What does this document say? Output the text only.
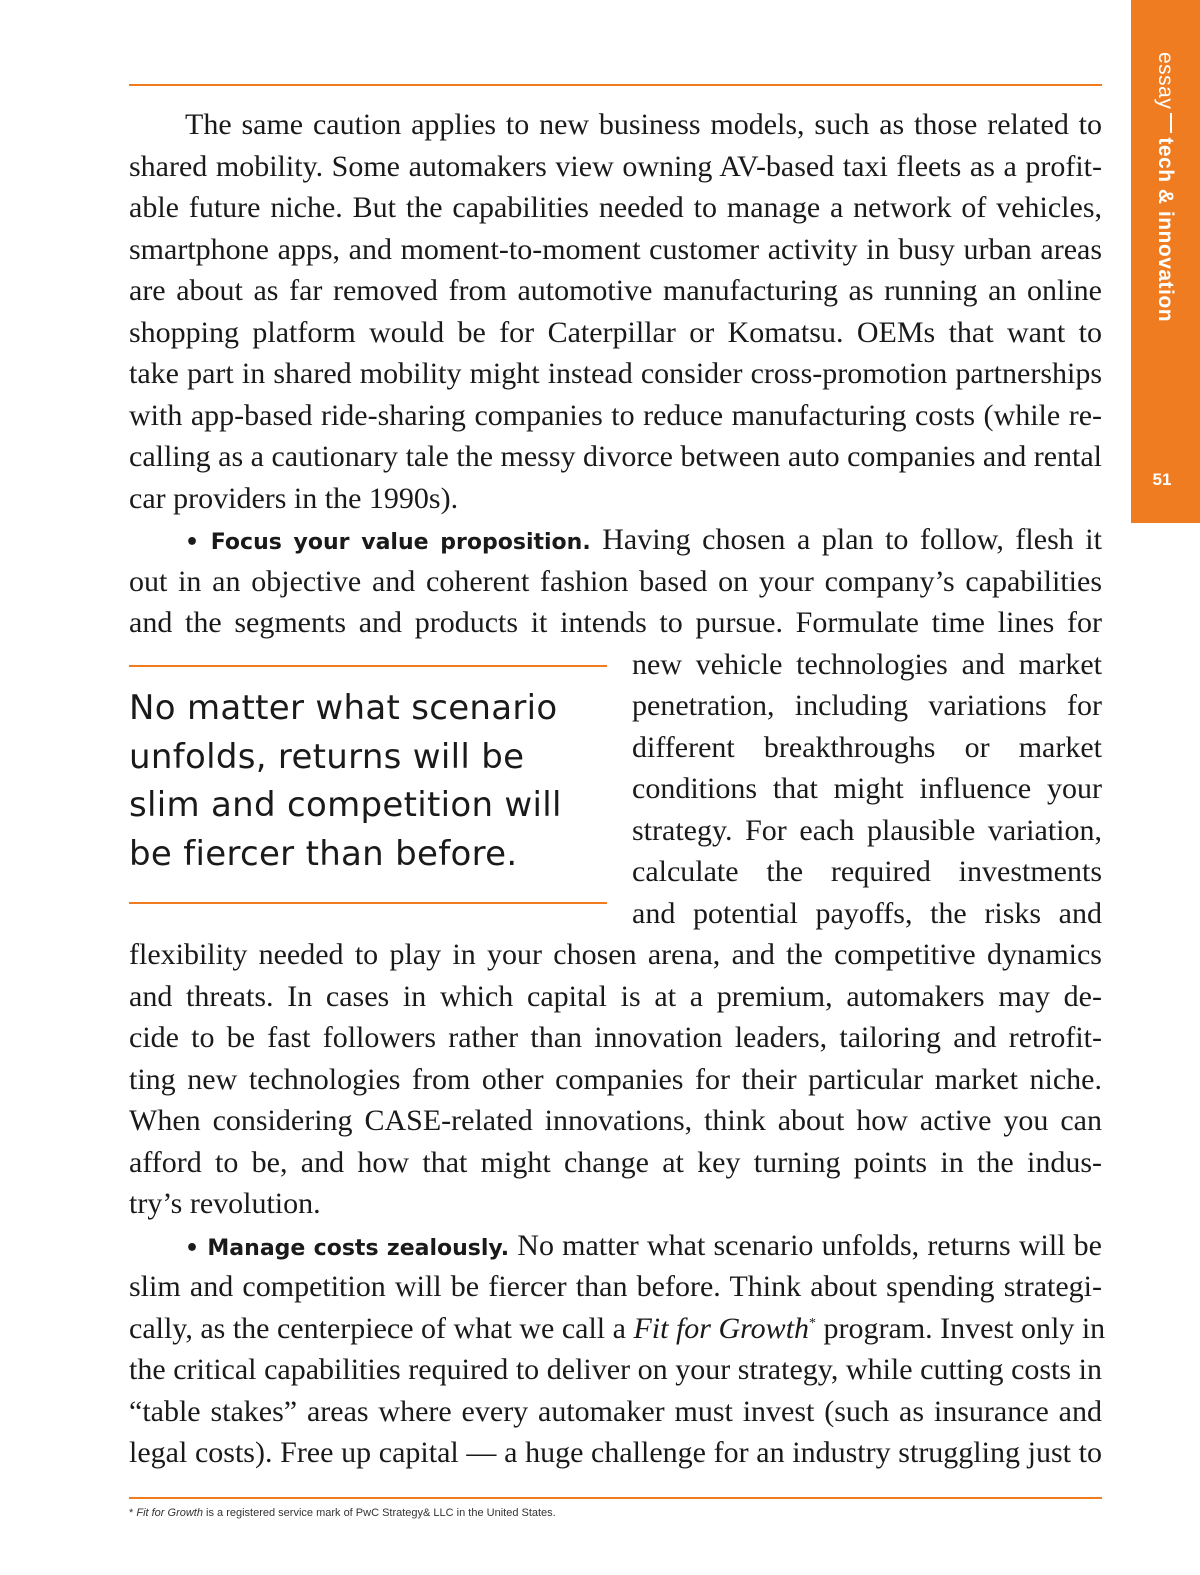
essaytech & innovation
51
The same caution applies to new business models, such as those related to
shared mobility. Some automakers view owning AV-based taxi fleets as a profit-
able future niche. But the capabilities needed to manage a network of vehicles,
smartphone apps, and moment-to-moment customer activity in busy urban areas
are about as far removed from automotive manufacturing as running an online
shopping platform would be for Caterpillar or Komatsu. OEMs that want to
take part in shared mobility might instead consider cross-promotion partnerships
with app-based ride-sharing companies to reduce manufacturing costs (while re-
calling as a cautionary tale the messy divorce between auto companies and rental
car providers in the 1990s).
• Focus your value proposition. Having chosen a plan to follow, flesh it
out in an objective and coherent fashion based on your company’s capabilities
and the segments and products it intends to pursue. Formulate time lines for
No matter what scenario
unfolds, returns will be
slim and competition will
be fiercer than before.
new vehicle technologies and market
penetration, including variations for
different breakthroughs or market
conditions that might influence your
strategy. For each plausible variation,
calculate the required investments
and potential payoffs, the risks and
flexibility needed to play in your chosen arena, and the competitive dynamics
and threats. In cases in which capital is at a premium, automakers may de-
cide to be fast followers rather than innovation leaders, tailoring and retrofit-
ting new technologies from other companies for their particular market niche.
When considering CASE-related innovations, think about how active you can
afford to be, and how that might change at key turning points in the indus-
try’s revolution.
• Manage costs zealously. No matter what scenario unfolds, returns will be
slim and competition will be fiercer than before. Think about spending strategi-
cally, as the centerpiece of what we call a Fit for Growth* program. Invest only in
the critical capabilities required to deliver on your strategy, while cutting costs in
“table stakes” areas where every automaker must invest (such as insurance and
legal costs). Free up capital — a huge challenge for an industry struggling just to
* Fit for Growth is a registered service mark of PwC Strategy& LLC in the United States.
